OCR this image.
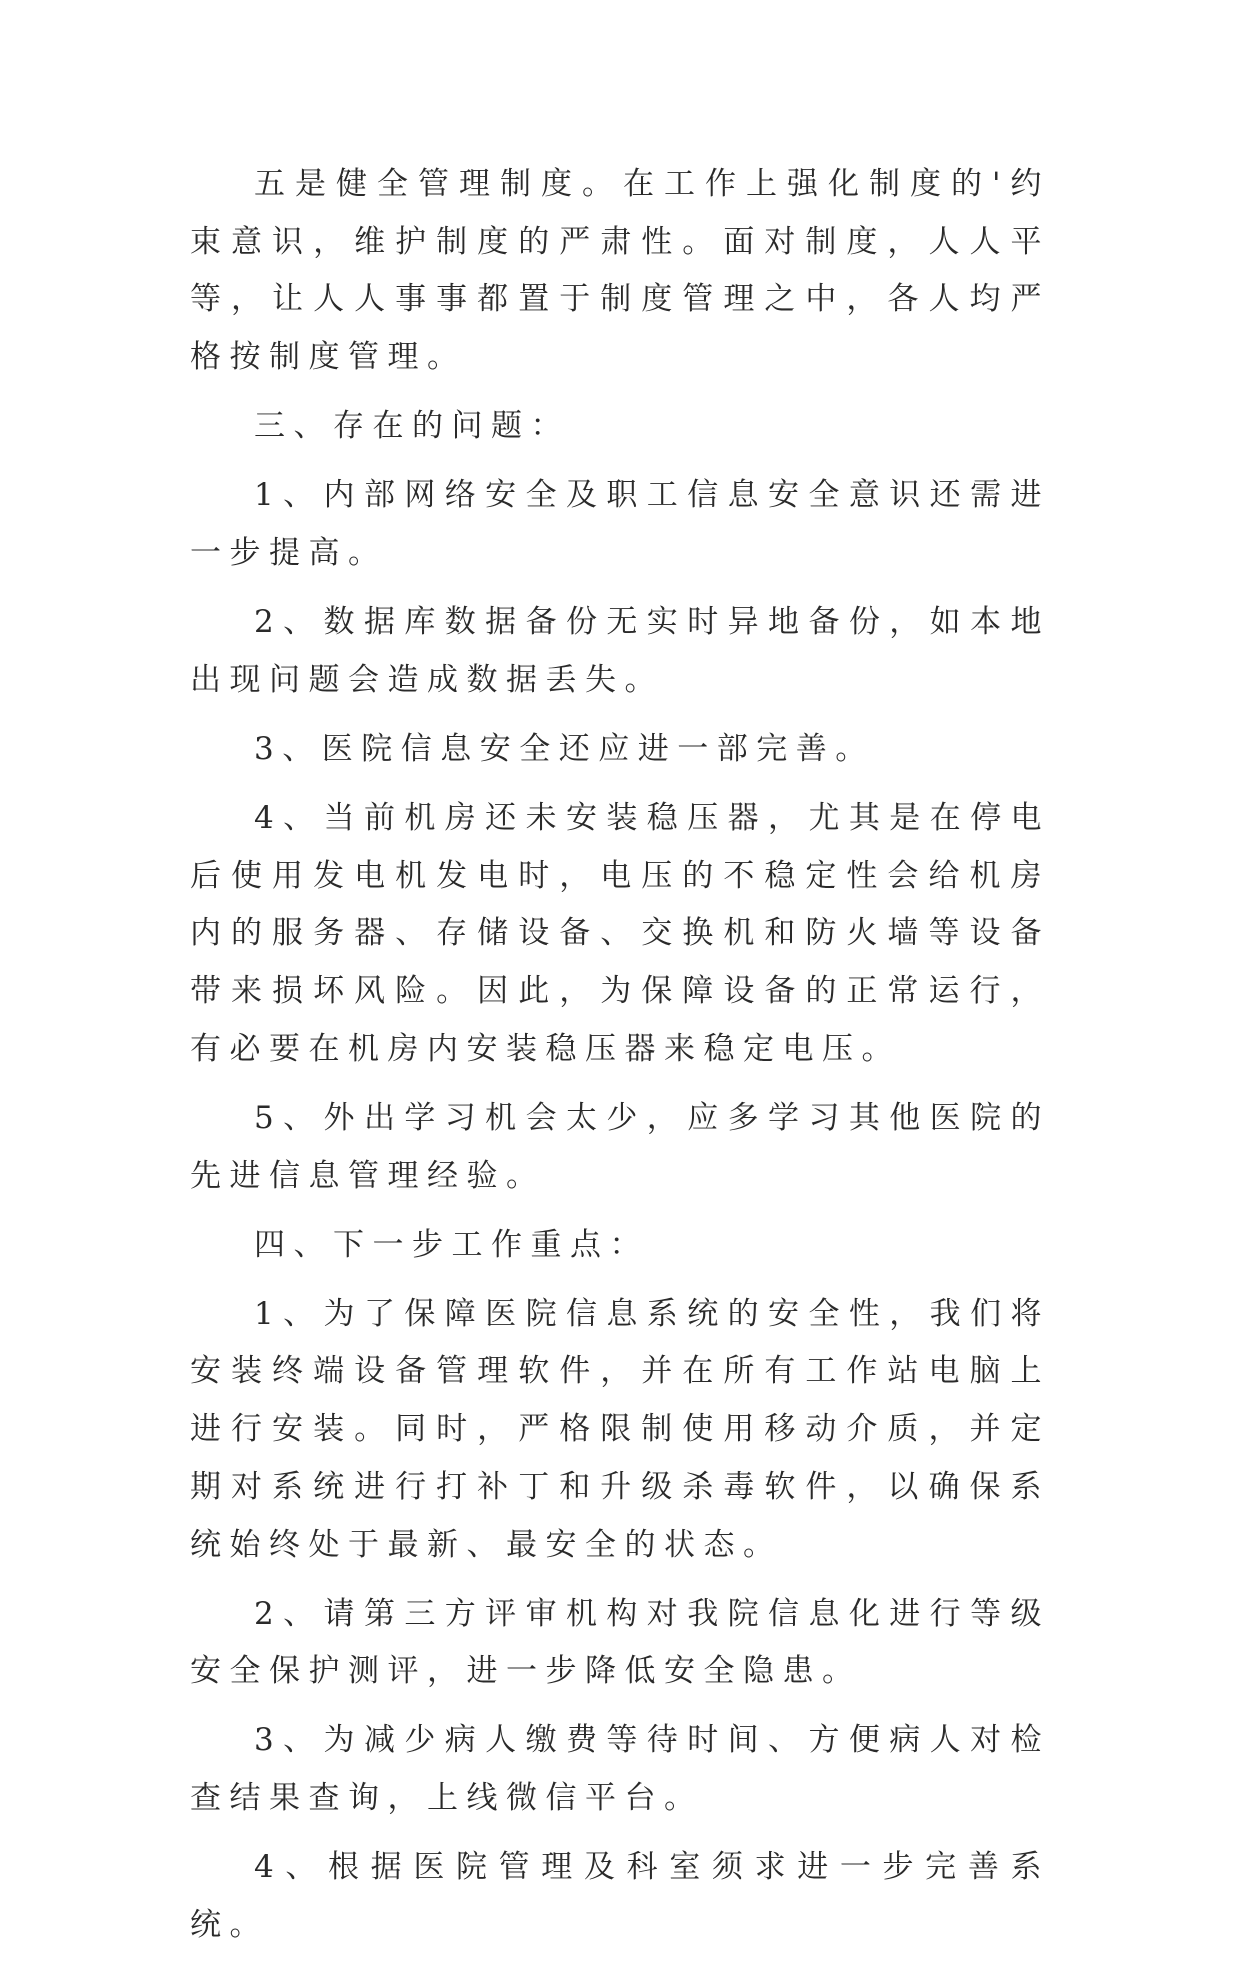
五是健全管理制度。在工作上强化制度的'约束意识，维护制度的严肃性。面对制度，人人平等，让人人事事都置于制度管理之中，各人均严格按制度管理。

三、存在的问题：

1、内部网络安全及职工信息安全意识还需进一步提高。

2、数据库数据备份无实时异地备份，如本地出现问题会造成数据丢失。

3、医院信息安全还应进一部完善。

4、当前机房还未安装稳压器，尤其是在停电后使用发电机发电时，电压的不稳定性会给机房内的服务器、存储设备、交换机和防火墙等设备带来损坏风险。因此，为保障设备的正常运行，有必要在机房内安装稳压器来稳定电压。

5、外出学习机会太少，应多学习其他医院的先进信息管理经验。

四、下一步工作重点：

1、为了保障医院信息系统的安全性，我们将安装终端设备管理软件，并在所有工作站电脑上进行安装。同时，严格限制使用移动介质，并定期对系统进行打补丁和升级杀毒软件，以确保系统始终处于最新、最安全的状态。

2、请第三方评审机构对我院信息化进行等级安全保护测评，进一步降低安全隐患。

3、为减少病人缴费等待时间、方便病人对检查结果查询，上线微信平台。

4、根据医院管理及科室须求进一步完善系统。
